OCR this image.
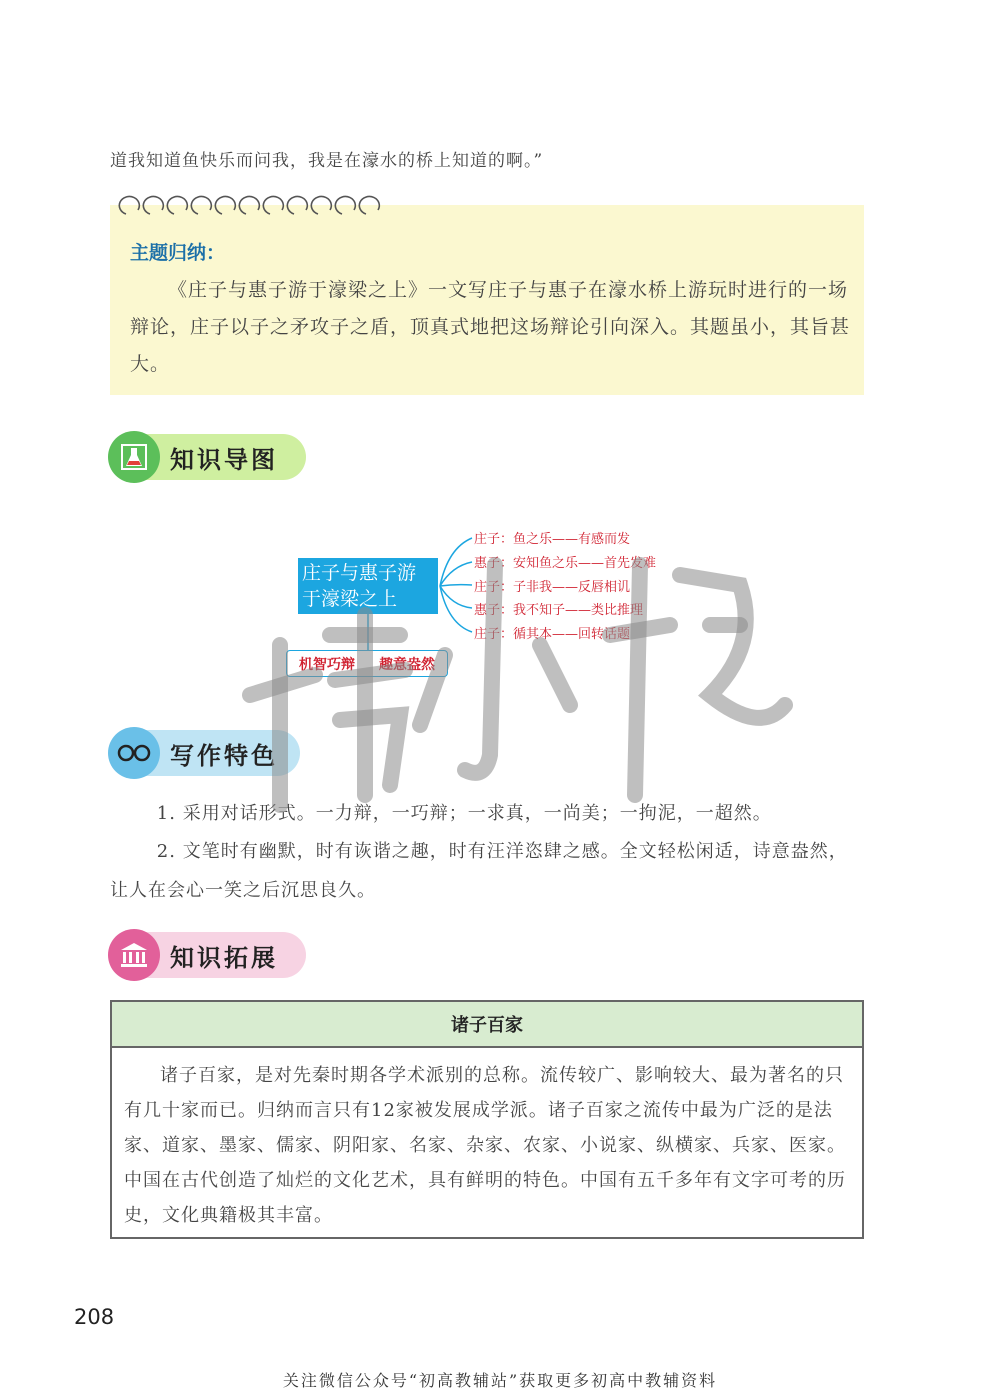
道我知道鱼快乐而问我，我是在濠水的桥上知道的啊。”
主题归纳：

《庄子与惠子游于濠梁之上》一文写庄子与惠子在濠水桥上游玩时进行的一场辩论，庄子以子之矛攻子之盾，顶真式地把这场辩论引向深入。其题虽小，其旨甚大。

知识导图
庄子与惠子游于濠梁之上
庄子：鱼之乐——有感而发
惠子：安知鱼之乐——首先发难
庄子：子非我——反唇相讥
惠子：我不知子——类比推理
庄子：循其本——回转话题
机智巧辩 趣意盎然
写作特色

1. 采用对话形式。一力辩，一巧辩；一求真，一尚美；一拘泥，一超然。

2. 文笔时有幽默，时有诙谐之趣，时有汪洋恣肆之感。全文轻松闲适，诗意盎然，让人在会心一笑之后沉思良久。

知识拓展
诸子百家

诸子百家，是对先秦时期各学术派别的总称。流传较广、影响较大、最为著名的只有几十家而已。归纳而言只有12家被发展成学派。诸子百家之流传中最为广泛的是法家、道家、墨家、儒家、阴阳家、名家、杂家、农家、小说家、纵横家、兵家、医家。中国在古代创造了灿烂的文化艺术，具有鲜明的特色。中国有五千多年有文字可考的历史，文化典籍极其丰富。

208
关注微信公众号“初高教辅站”获取更多初高中教辅资料
